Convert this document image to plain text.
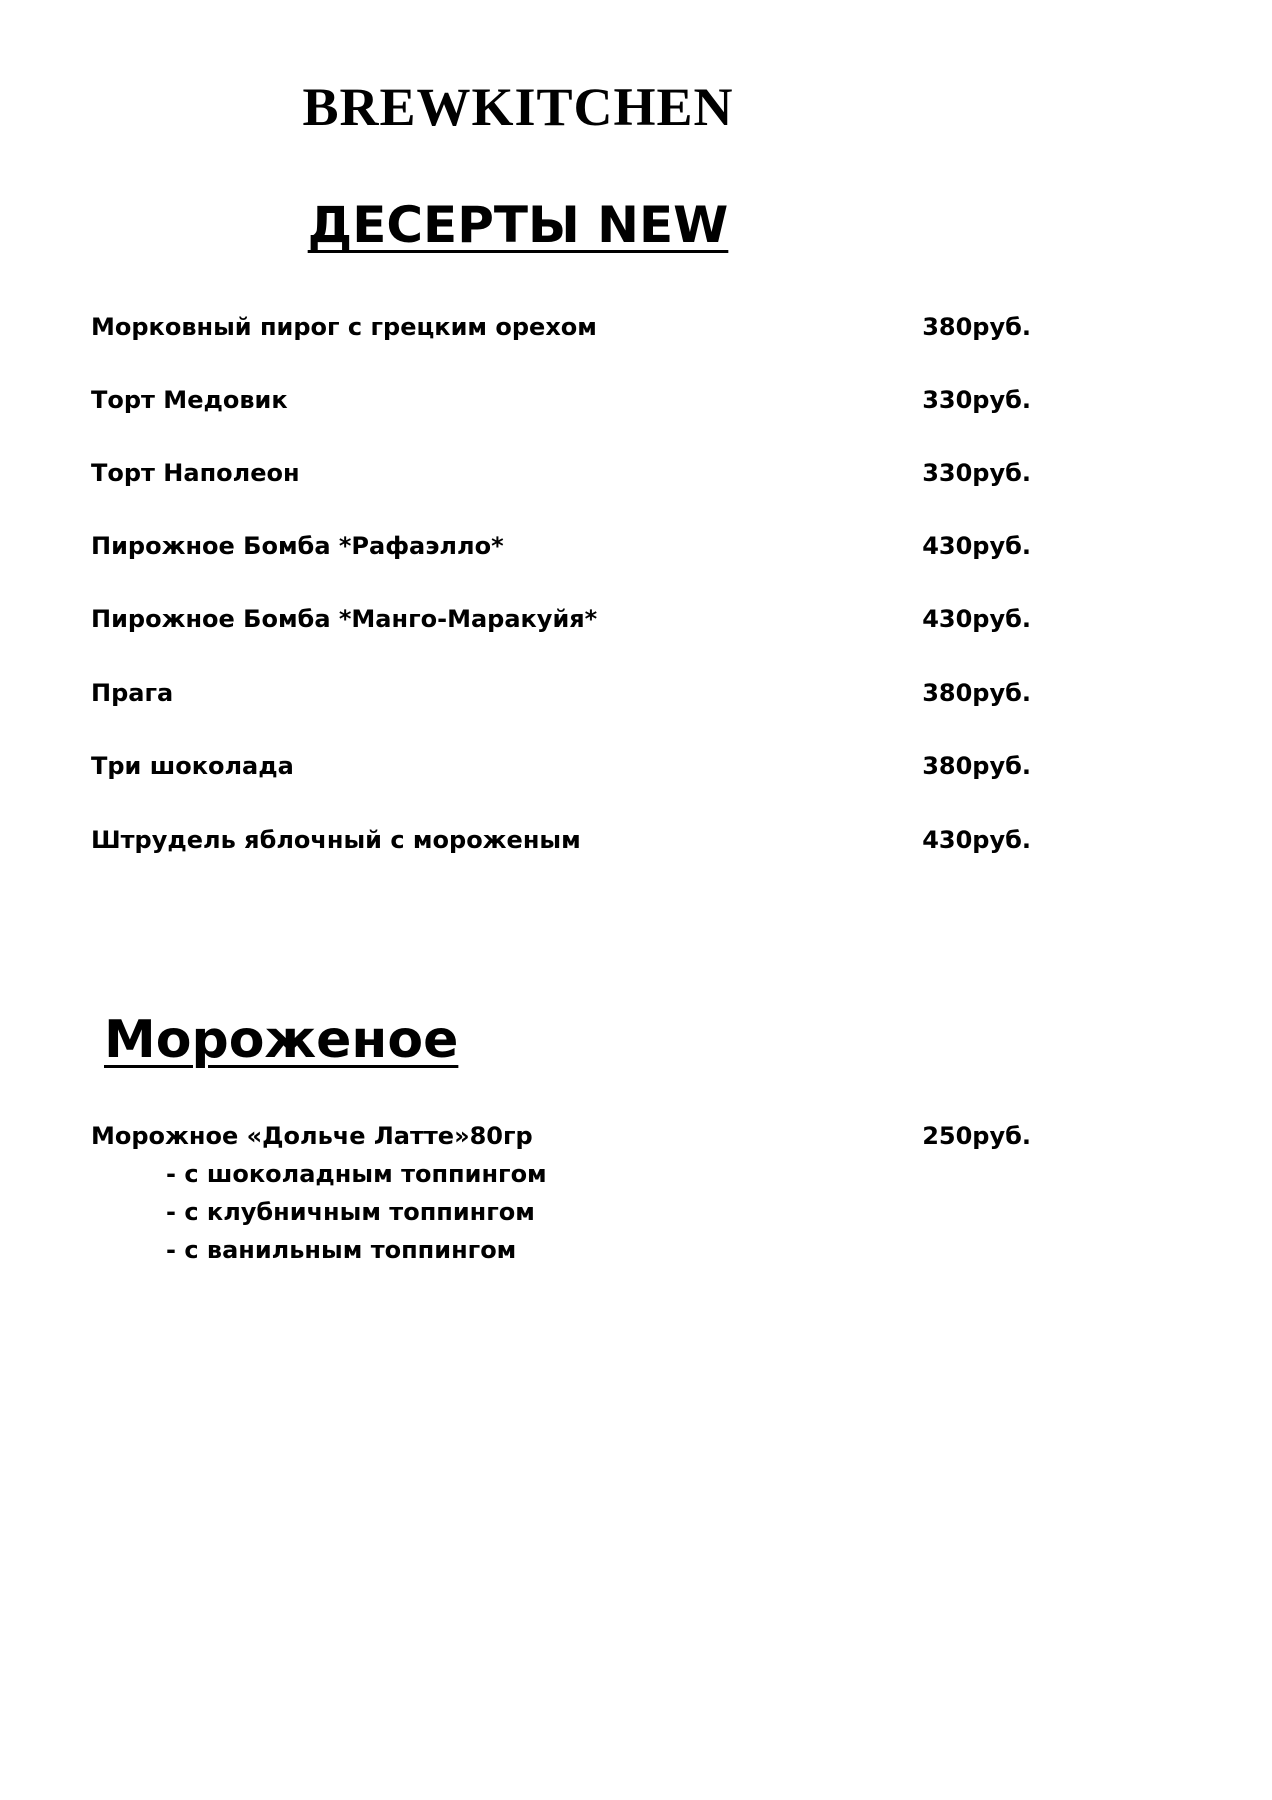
BREWKITCHEN
ДЕСЕРТЫ NEW
Морковный пирог с грецким орехом	380руб.
Торт Медовик	330руб.
Торт Наполеон	330руб.
Пирожное Бомба *Рафаэлло*	430руб.
Пирожное Бомба *Манго-Маракуйя*	430руб.
Прага	380руб.
Три шоколада	380руб.
Штрудель яблочный с мороженым	430руб.
Мороженое
Морожное «Дольче Латте»80гр	250руб.
- с шоколадным топпингом
- с клубничным топпингом
- с ванильным топпингом
